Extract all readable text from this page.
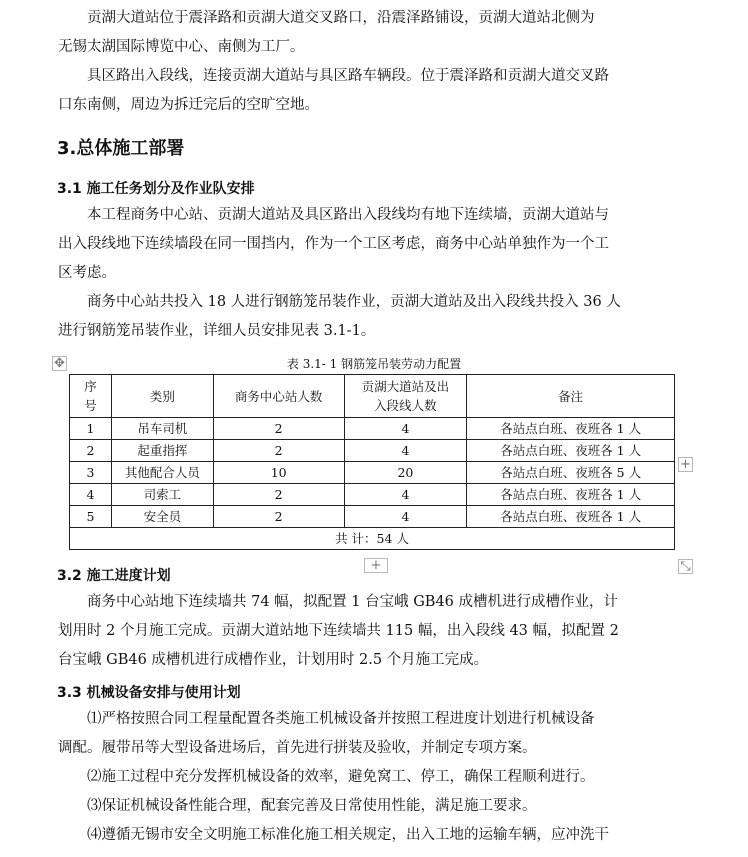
贡湖大道站位于震泽路和贡湖大道交叉路口，沿震泽路铺设，贡湖大道站北侧为

无锡太湖国际博览中心、南侧为工厂。

具区路出入段线，连接贡湖大道站与具区路车辆段。位于震泽路和贡湖大道交叉路

口东南侧，周边为拆迁完后的空旷空地。

3.总体施工部署
3.1 施工任务划分及作业队安排

本工程商务中心站、贡湖大道站及具区路出入段线均有地下连续墙，贡湖大道站与

出入段线地下连续墙段在同一围挡内，作为一个工区考虑，商务中心站单独作为一个工

区考虑。

商务中心站共投入 18 人进行钢筋笼吊装作业，贡湖大道站及出入段线共投入 36 人

进行钢筋笼吊装作业，详细人员安排见表 3.1-1。

✥	表 3.1- 1 钢筋笼吊装劳动力配置

序
号	类别	商务中心站人数	贡湖大道站及出
入段线人数	备注
1	吊车司机	2	4	各站点白班、夜班各 1 人
2	起重指挥	2	4	各站点白班、夜班各 1 人
3	其他配合人员	10	20	各站点白班、夜班各 5 人
4	司索工	2	4	各站点白班、夜班各 1 人
5	安全员	2	4	各站点白班、夜班各 1 人
共 计：54 人				
+
+	⤡
3.2 施工进度计划

商务中心站地下连续墙共 74 幅，拟配置 1 台宝峨 GB46 成槽机进行成槽作业，计

划用时 2 个月施工完成。贡湖大道站地下连续墙共 115 幅，出入段线 43 幅，拟配置 2

台宝峨 GB46 成槽机进行成槽作业，计划用时 2.5 个月施工完成。

3.3 机械设备安排与使用计划

⑴严格按照合同工程量配置各类施工机械设备并按照工程进度计划进行机械设备

调配。履带吊等大型设备进场后，首先进行拼装及验收，并制定专项方案。

⑵施工过程中充分发挥机械设备的效率，避免窝工、停工，确保工程顺利进行。

⑶保证机械设备性能合理，配套完善及日常使用性能，满足施工要求。

⑷遵循无锡市安全文明施工标准化施工相关规定，出入工地的运输车辆，应冲洗干
